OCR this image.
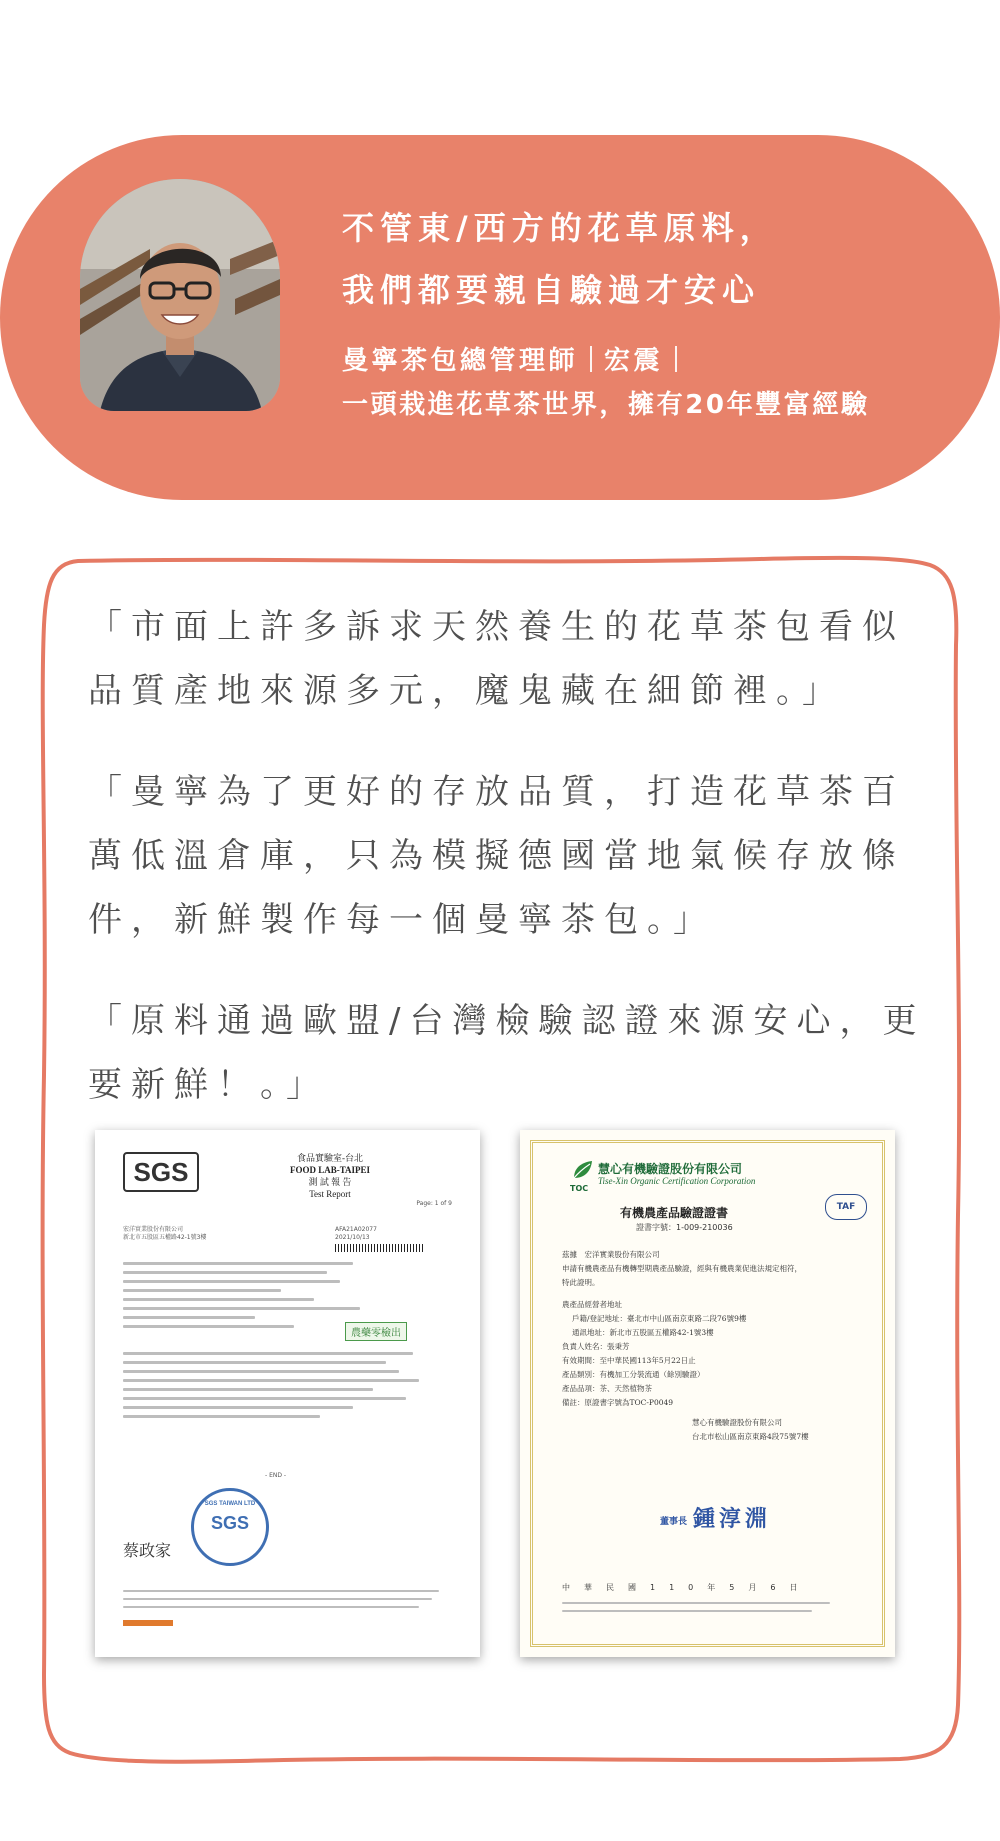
不管東/西方的花草原料，

我們都要親自驗過才安心

曼寧茶包總管理師 宏震
一頭栽進花草茶世界，擁有20年豐富經驗

「市面上許多訴求天然養生的花草茶包看似品質產地來源多元，魔鬼藏在細節裡。」

「曼寧為了更好的存放品質，打造花草茶百萬低溫倉庫，只為模擬德國當地氣候存放條件，新鮮製作每一個曼寧茶包。」

「原料通過歐盟/台灣檢驗認證來源安心，更要新鮮！。」

SGS	食品實驗室-台北
FOOD LAB-TAIPEI
測 試 報 告
Test Report
Page: 1 of 9
宏洋實業股份有限公司
新北市五股區五權路42-1號3樓
AFA21A02077
2021/10/13
農藥零檢出
- END -
蔡政家
SGS TAIWAN LTD
SGS
TOC
慧心有機驗證股份有限公司
Tise-Xin Organic Certification Corporation
TAF
有機農產品驗證證書
證書字號：1-009-210036
茲據　宏洋實業股份有限公司
申請有機農產品有機轉型期農產品驗證，經與有機農業促進法規定相符，
特此證明。
農產品經營者地址
戶籍/登記地址：臺北市中山區南京東路二段76號9樓
通訊地址：新北市五股區五權路42-1號3樓
負責人姓名：張秉芳
有效期間：至中華民國113年5月22日止
產品類別：有機加工分裝流通（餘別驗證）
產品品項：茶、天然植物茶
備註：原證書字號為TOC-P0049
慧心有機驗證股份有限公司
台北市松山區南京東路4段75號7樓
董事長 鍾淳淵
中華民國110年5月6日
